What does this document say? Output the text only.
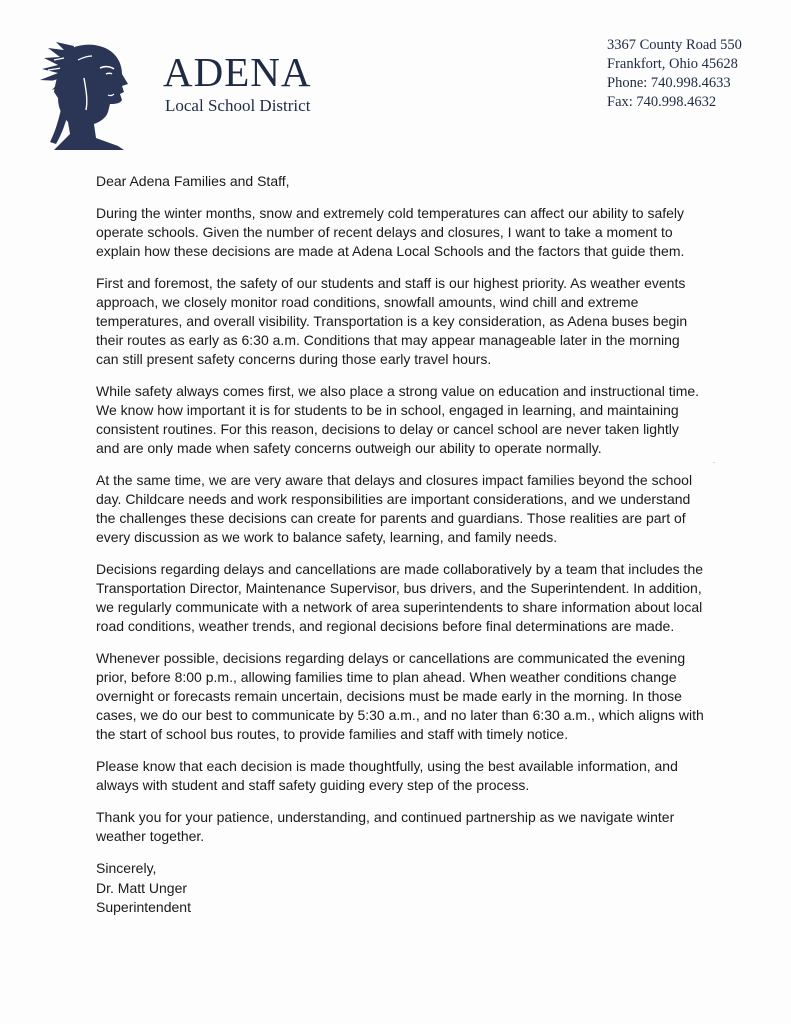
ADENA
Local School District
3367 County Road 550
Frankfort, Ohio 45628
Phone: 740.998.4633
Fax: 740.998.4632

Dear Adena Families and Staff,

During the winter months, snow and extremely cold temperatures can affect our ability to safely operate schools. Given the number of recent delays and closures, I want to take a moment to explain how these decisions are made at Adena Local Schools and the factors that guide them.

First and foremost, the safety of our students and staff is our highest priority. As weather events approach, we closely monitor road conditions, snowfall amounts, wind chill and extreme temperatures, and overall visibility. Transportation is a key consideration, as Adena buses begin their routes as early as 6:30 a.m. Conditions that may appear manageable later in the morning can still present safety concerns during those early travel hours.

While safety always comes first, we also place a strong value on education and instructional time. We know how important it is for students to be in school, engaged in learning, and maintaining consistent routines. For this reason, decisions to delay or cancel school are never taken lightly and are only made when safety concerns outweigh our ability to operate normally.

At the same time, we are very aware that delays and closures impact families beyond the school day. Childcare needs and work responsibilities are important considerations, and we understand the challenges these decisions can create for parents and guardians. Those realities are part of every discussion as we work to balance safety, learning, and family needs.

Decisions regarding delays and cancellations are made collaboratively by a team that includes the Transportation Director, Maintenance Supervisor, bus drivers, and the Superintendent. In addition, we regularly communicate with a network of area superintendents to share information about local road conditions, weather trends, and regional decisions before final determinations are made.

Whenever possible, decisions regarding delays or cancellations are communicated the evening prior, before 8:00 p.m., allowing families time to plan ahead. When weather conditions change overnight or forecasts remain uncertain, decisions must be made early in the morning. In those cases, we do our best to communicate by 5:30 a.m., and no later than 6:30 a.m., which aligns with the start of school bus routes, to provide families and staff with timely notice.

Please know that each decision is made thoughtfully, using the best available information, and always with student and staff safety guiding every step of the process.

Thank you for your patience, understanding, and continued partnership as we navigate winter weather together.

Sincerely,
Dr. Matt Unger
Superintendent
